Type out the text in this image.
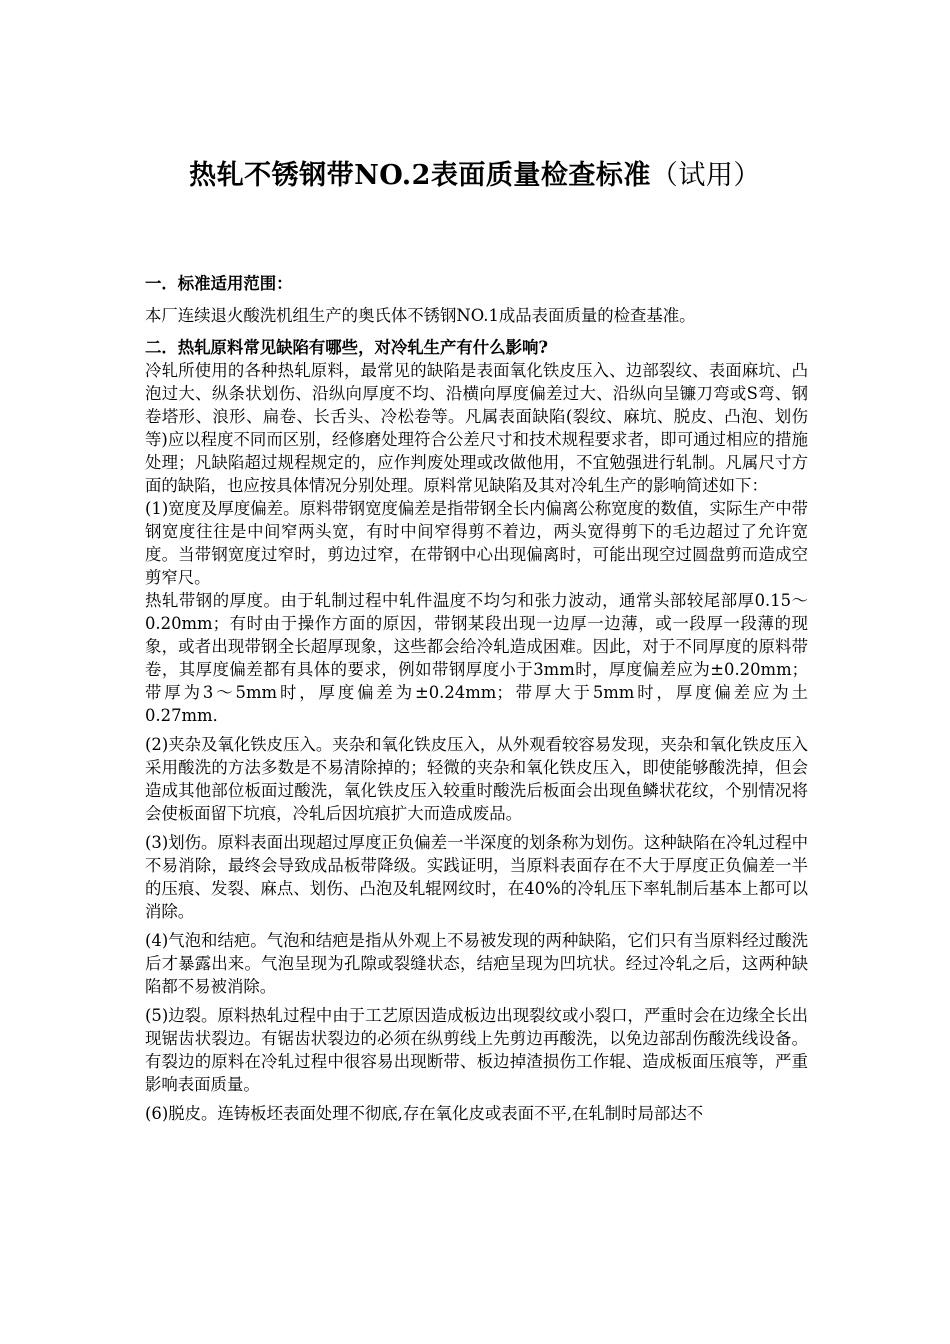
热轧不锈钢带NO.2表面质量检查标准（试用）

一．标准适用范围：

本厂连续退火酸洗机组生产的奥氏体不锈钢NO.1成品表面质量的检查基准。

二．热轧原料常见缺陷有哪些，对冷轧生产有什么影响?

冷轧所使用的各种热轧原料，最常见的缺陷是表面氧化铁皮压入、边部裂纹、表面麻坑、凸泡过大、纵条状划伤、沿纵向厚度不均、沿横向厚度偏差过大、沿纵向呈镰刀弯或S弯、钢卷塔形、浪形、扁卷、长舌头、冷松卷等。凡属表面缺陷(裂纹、麻坑、脱皮、凸泡、划伤等)应以程度不同而区别，经修磨处理符合公差尺寸和技术规程要求者，即可通过相应的措施处理；凡缺陷超过规程规定的，应作判废处理或改做他用，不宜勉强进行轧制。凡属尺寸方面的缺陷，也应按具体情况分别处理。原料常见缺陷及其对冷轧生产的影响简述如下：

(1)宽度及厚度偏差。原料带钢宽度偏差是指带钢全长内偏离公称宽度的数值，实际生产中带钢宽度往往是中间窄两头宽，有时中间窄得剪不着边，两头宽得剪下的毛边超过了允许宽度。当带钢宽度过窄时，剪边过窄，在带钢中心出现偏离时，可能出现空过圆盘剪而造成空剪窄尺。

热轧带钢的厚度。由于轧制过程中轧件温度不均匀和张力波动，通常头部较尾部厚0.15～0.20mm；有时由于操作方面的原因，带钢某段出现一边厚一边薄，或一段厚一段薄的现象，或者出现带钢全长超厚现象，这些都会给冷轧造成困难。因此，对于不同厚度的原料带卷，其厚度偏差都有具体的要求，例如带钢厚度小于3mm时，厚度偏差应为±0.20mm；带厚为3～5mm时，厚度偏差为±0.24mm；带厚大于5mm时，厚度偏差应为土0.27mm．

(2)夹杂及氧化铁皮压入。夹杂和氧化铁皮压入，从外观看较容易发现，夹杂和氧化铁皮压入采用酸洗的方法多数是不易清除掉的；轻微的夹杂和氧化铁皮压入，即使能够酸洗掉，但会造成其他部位板面过酸洗，氧化铁皮压入较重时酸洗后板面会出现鱼鳞状花纹，个别情况将会使板面留下坑痕，冷轧后因坑痕扩大而造成废品。

(3)划伤。原料表面出现超过厚度正负偏差一半深度的划条称为划伤。这种缺陷在冷轧过程中不易消除，最终会导致成品板带降级。实践证明，当原料表面存在不大于厚度正负偏差一半的压痕、发裂、麻点、划伤、凸泡及轧辊网纹时，在40%的冷轧压下率轧制后基本上都可以消除。

(4)气泡和结疤。气泡和结疤是指从外观上不易被发现的两种缺陷，它们只有当原料经过酸洗后才暴露出来。气泡呈现为孔隙或裂缝状态，结疤呈现为凹坑状。经过冷轧之后，这两种缺陷都不易被消除。

(5)边裂。原料热轧过程中由于工艺原因造成板边出现裂纹或小裂口，严重时会在边缘全长出现锯齿状裂边。有锯齿状裂边的必须在纵剪线上先剪边再酸洗，以免边部刮伤酸洗线设备。有裂边的原料在冷轧过程中很容易出现断带、板边掉渣损伤工作辊、造成板面压痕等，严重影响表面质量。

(6)脱皮。连铸板坯表面处理不彻底,存在氧化皮或表面不平,在轧制时局部达不
